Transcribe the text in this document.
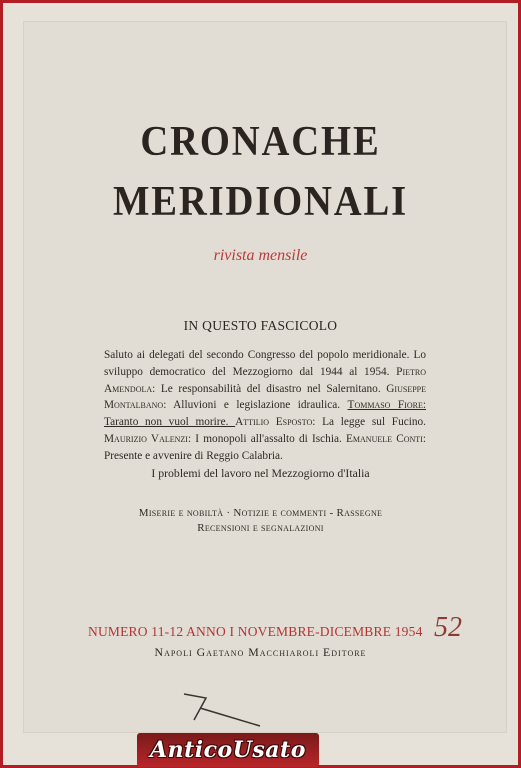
CRONACHE
MERIDIONALI
rivista mensile
IN QUESTO FASCICOLO
Saluto ai delegati del secondo Congresso del popolo meridionale. Lo sviluppo democratico del Mezzogiorno dal 1944 al 1954. Pietro Amendola: Le responsabilità del disastro nel Salernitano. Giuseppe Montalbano: Alluvioni e legislazione idraulica. Tommaso Fiore: Taranto non vuol morire. Attilio Esposto: La legge sul Fucino. Maurizio Valenzi: I monopoli all'assalto di Ischia. Emanuele Conti: Presente e avvenire di Reggio Calabria.
I problemi del lavoro nel Mezzogiorno d'Italia
Miserie e nobiltà · Notizie e commenti - Rassegne
Recensioni e segnalazioni
NUMERO 11-12 ANNO I NOVEMBRE-DICEMBRE 1954 52
Napoli Gaetano Macchiaroli Editore
AnticoUsato
